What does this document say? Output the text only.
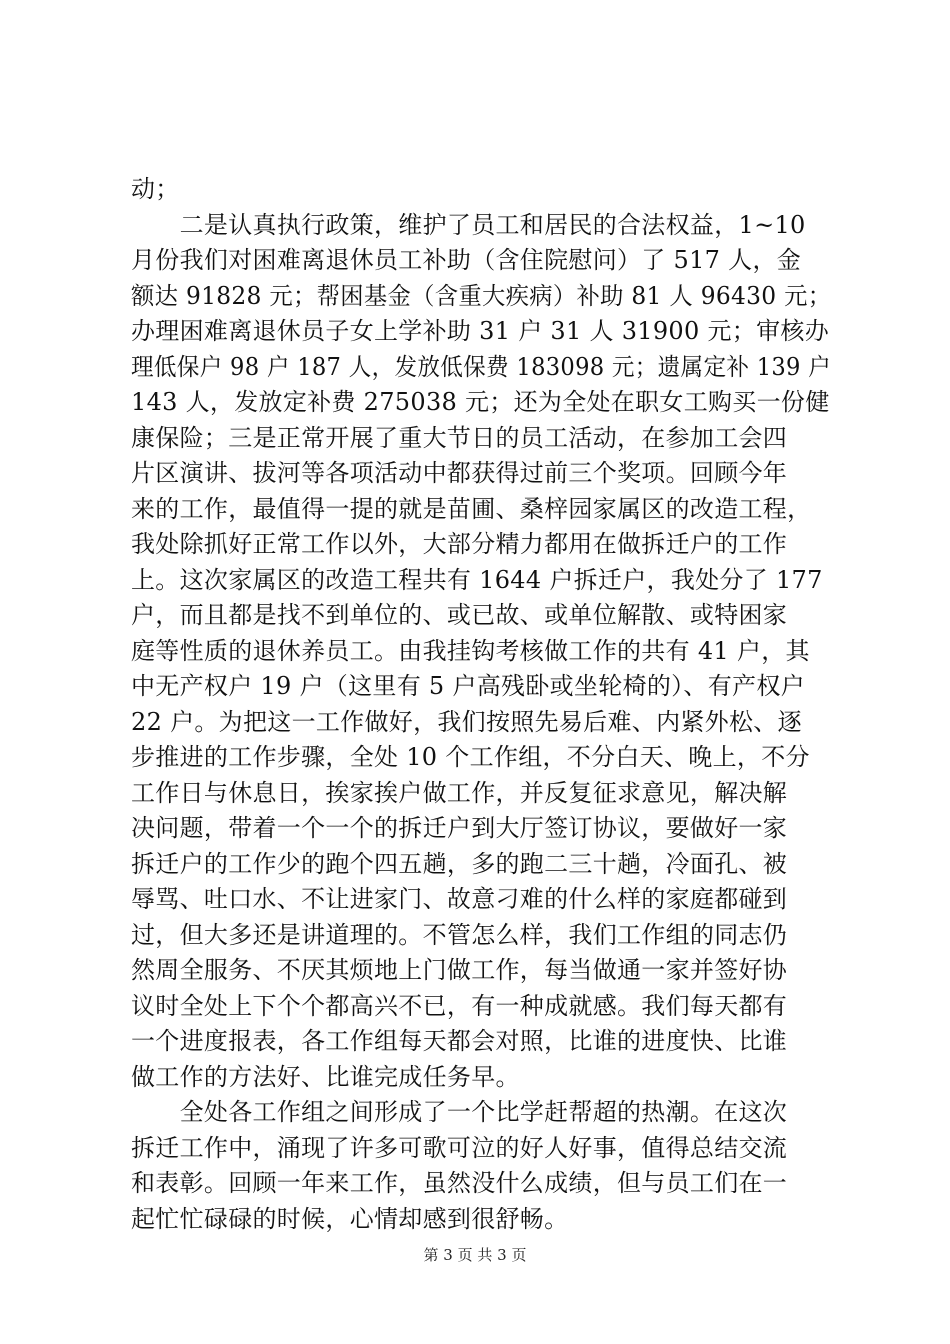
动；
　　二是认真执行政策，维护了员工和居民的合法权益，1~10
月份我们对困难离退休员工补助（含住院慰问）了 517 人，金
额达 91828 元；帮困基金（含重大疾病）补助 81 人 96430 元；
办理困难离退休员子女上学补助 31 户 31 人 31900 元；审核办
理低保户 98 户 187 人，发放低保费 183098 元；遗属定补 139 户
143 人，发放定补费 275038 元；还为全处在职女工购买一份健
康保险；三是正常开展了重大节日的员工活动，在参加工会四
片区演讲、拔河等各项活动中都获得过前三个奖项。回顾今年
来的工作，最值得一提的就是苗圃、桑梓园家属区的改造工程，
我处除抓好正常工作以外，大部分精力都用在做拆迁户的工作
上。这次家属区的改造工程共有 1644 户拆迁户，我处分了 177
户，而且都是找不到单位的、或已故、或单位解散、或特困家
庭等性质的退休养员工。由我挂钩考核做工作的共有 41 户，其
中无产权户 19 户（这里有 5 户高残卧或坐轮椅的）、有产权户
22 户。为把这一工作做好，我们按照先易后难、内紧外松、逐
步推进的工作步骤，全处 10 个工作组，不分白天、晚上，不分
工作日与休息日，挨家挨户做工作，并反复征求意见，解决解
决问题，带着一个一个的拆迁户到大厅签订协议，要做好一家
拆迁户的工作少的跑个四五趟，多的跑二三十趟，冷面孔、被
辱骂、吐口水、不让进家门、故意刁难的什么样的家庭都碰到
过，但大多还是讲道理的。不管怎么样，我们工作组的同志仍
然周全服务、不厌其烦地上门做工作，每当做通一家并签好协
议时全处上下个个都高兴不已，有一种成就感。我们每天都有
一个进度报表，各工作组每天都会对照，比谁的进度快、比谁
做工作的方法好、比谁完成任务早。
　　全处各工作组之间形成了一个比学赶帮超的热潮。在这次
拆迁工作中，涌现了许多可歌可泣的好人好事，值得总结交流
和表彰。回顾一年来工作，虽然没什么成绩，但与员工们在一
起忙忙碌碌的时候，心情却感到很舒畅。
第 3 页 共 3 页
